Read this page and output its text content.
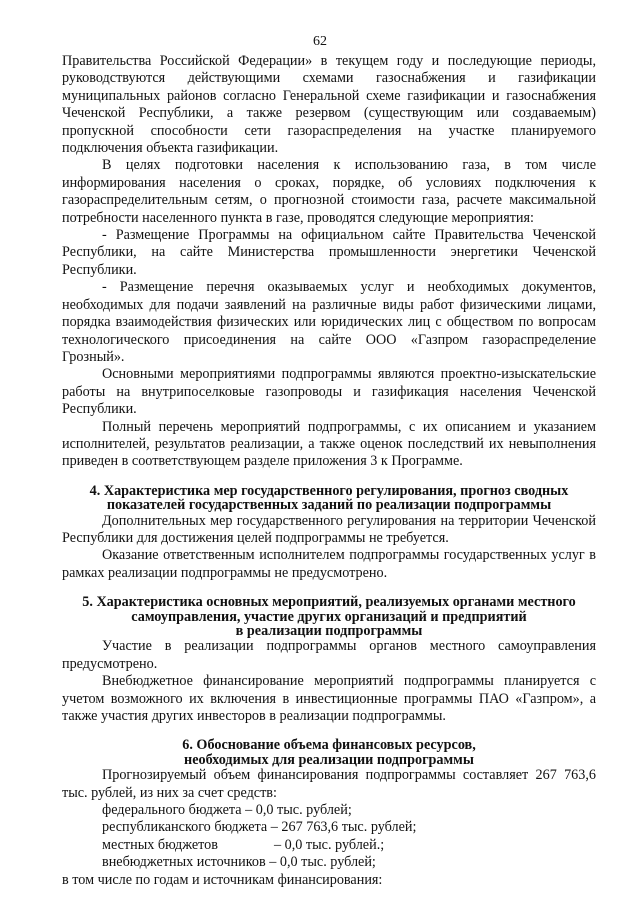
62

Правительства Российской Федерации» в текущем году и последующие периоды, руководствуются действующими схемами газоснабжения и газификации муниципальных районов согласно Генеральной схеме газификации и газоснабжения Чеченской Республики, а также резервом (существующим или создаваемым) пропускной способности сети газораспределения на участке планируемого подключения объекта газификации.

В целях подготовки населения к использованию газа, в том числе информирования населения о сроках, порядке, об условиях подключения к газораспределительным сетям, о прогнозной стоимости газа, расчете максимальной потребности населенного пункта в газе, проводятся следующие мероприятия:

- Размещение Программы на официальном сайте Правительства Чеченской Республики, на сайте Министерства промышленности энергетики Чеченской Республики.

- Размещение перечня оказываемых услуг и необходимых документов, необходимых для подачи заявлений на различные виды работ физическими лицами, порядка взаимодействия физических или юридических лиц с обществом по вопросам технологического присоединения на сайте ООО «Газпром газораспределение Грозный».

Основными мероприятиями подпрограммы являются проектно-изыскательские работы на внутрипоселковые газопроводы и газификация населения Чеченской Республики.

Полный перечень мероприятий подпрограммы, с их описанием и указанием исполнителей, результатов реализации, а также оценок последствий их невыполнения приведен в соответствующем разделе приложения 3 к Программе.

4. Характеристика мер государственного регулирования, прогноз сводных

показателей государственных заданий по реализации подпрограммы

Дополнительных мер государственного регулирования на территории Чеченской Республики для достижения целей подпрограммы не требуется.

Оказание ответственным исполнителем подпрограммы государственных услуг в рамках реализации подпрограммы не предусмотрено.

5. Характеристика основных мероприятий, реализуемых органами местного

самоуправления, участие других организаций и предприятий

в реализации подпрограммы

Участие в реализации подпрограммы органов местного самоуправления предусмотрено.

Внебюджетное финансирование мероприятий подпрограммы планируется с учетом возможного их включения в инвестиционные программы ПАО «Газпром», а также участия других инвесторов в реализации подпрограммы.

6. Обоснование объема финансовых ресурсов,

необходимых для реализации подпрограммы

Прогнозируемый объем финансирования подпрограммы составляет 267 763,6 тыс. рублей, из них за счет средств:

федерального бюджета – 0,0 тыс. рублей;

республиканского бюджета – 267 763,6 тыс. рублей;

местных бюджетов	– 0,0 тыс. рублей.;

внебюджетных источников – 0,0 тыс. рублей;

в том числе по годам и источникам финансирования:
